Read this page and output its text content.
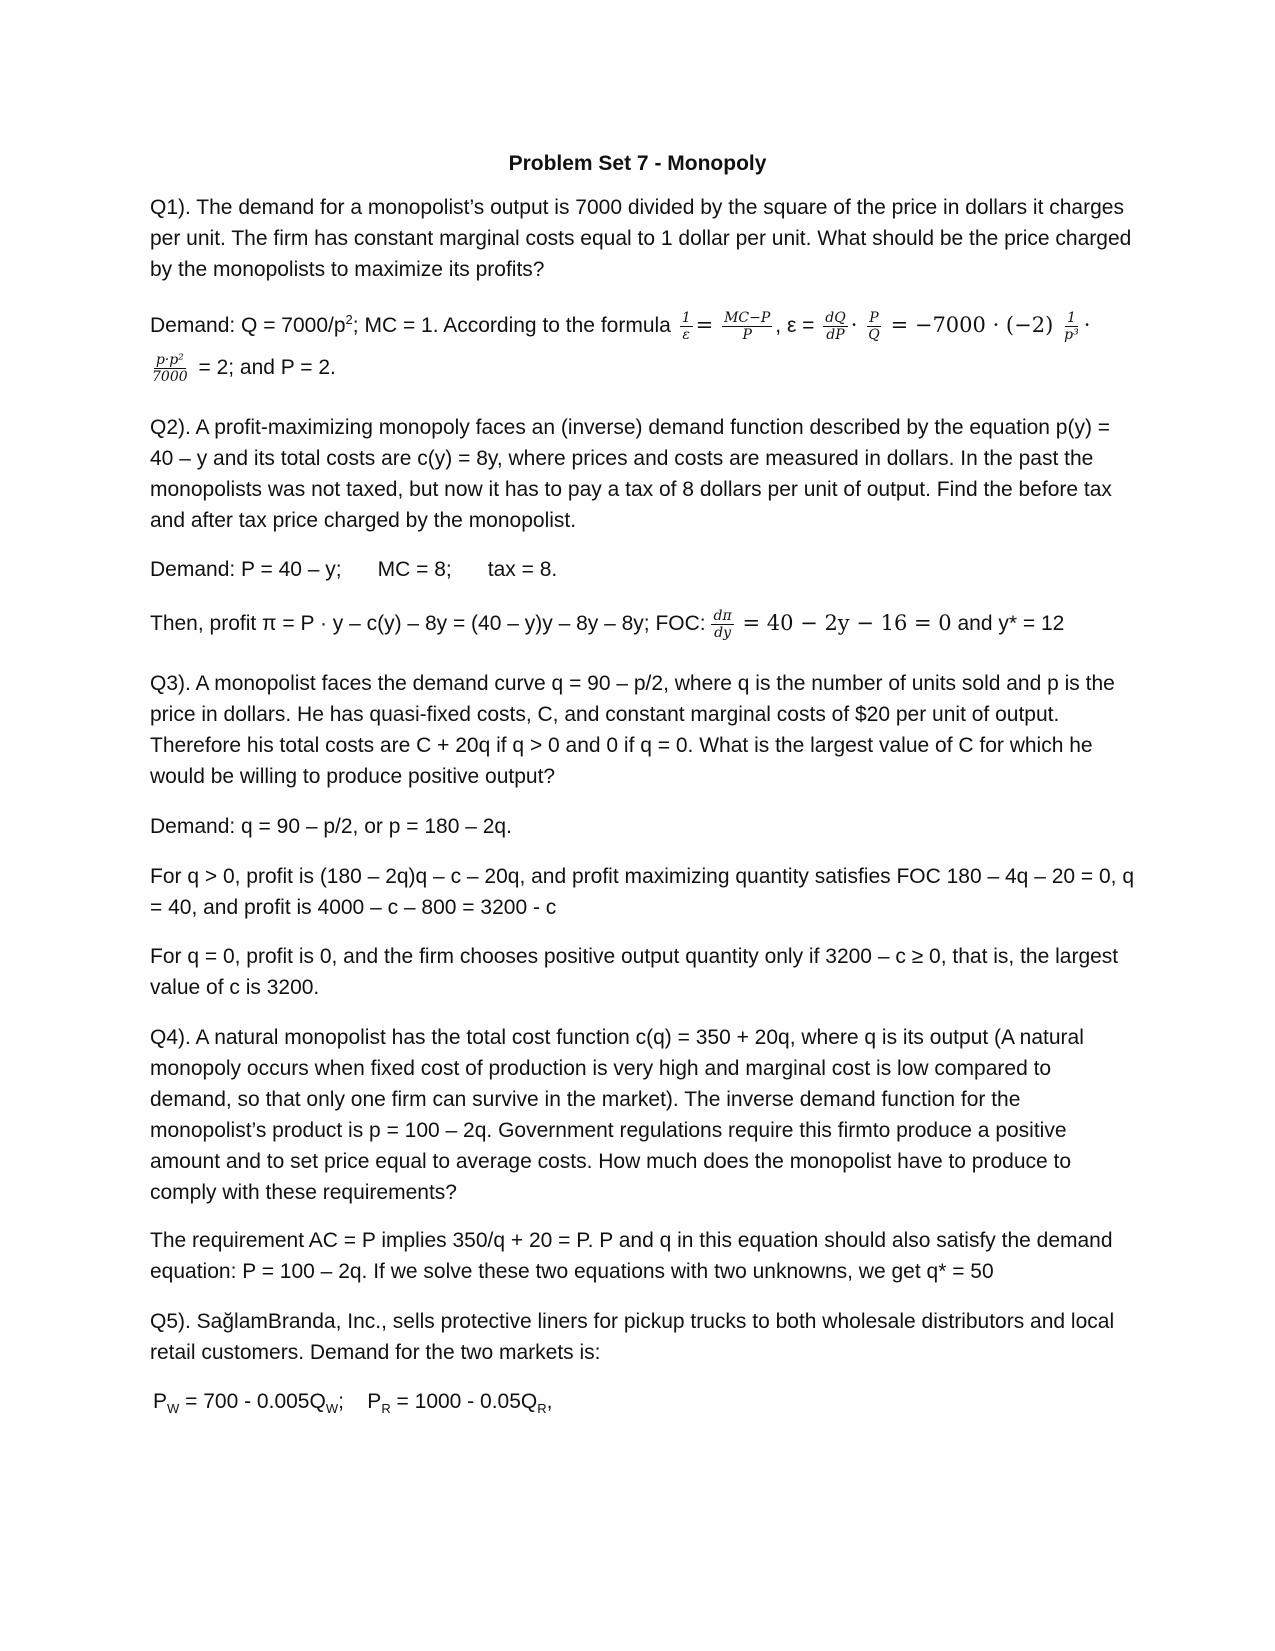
Problem Set 7 - Monopoly

Q1). The demand for a monopolist’s output is 7000 divided by the square of the price in dollars it charges per unit. The firm has constant marginal costs equal to 1 dollar per unit. What should be the price charged by the monopolists to maximize its profits?

Demand: $Q = 7000/p^2$; MC = 1. According to the formula $\frac{1}{\varepsilon} = \frac{MC-P}{P}$ , $\varepsilon = \frac{dQ}{dP} \cdot \frac{P}{Q} = -7000 \cdot (-2) \frac{1}{\text{p³}}$ ·
$\frac{\text{p·p²}}{7000} = 2$; and P = 2.

Q2). A profit-maximizing monopoly faces an (inverse) demand function described by the equation p(y) = 40 – y and its total costs are c(y) = 8y, where prices and costs are measured in dollars. In the past the monopolists was not taxed, but now it has to pay a tax of 8 dollars per unit of output. Find the before tax and after tax price charged by the monopolist.

Demand: P = 40 – y; MC = 8; tax = 8.
Then, profit π = P · y – c(y) – 8y = (40 – y)y – 8y – 8y; FOC: $\frac{d\pi}{dy} = 40 - 2y - 16 = 0$ and y* = 12

Q3). A monopolist faces the demand curve q = 90 – p/2, where q is the number of units sold and p is the price in dollars. He has quasi-fixed costs, C, and constant marginal costs of $20 per unit of output. Therefore his total costs are C + 20q if q > 0 and 0 if q = 0. What is the largest value of C for which he would be willing to produce positive output?

Demand: q = 90 – p/2, or p = 180 – 2q.

For q > 0, profit is (180 – 2q)q – c – 20q, and profit maximizing quantity satisfies FOC 180 – 4q – 20 = 0, q = 40, and profit is 4000 – c – 800 = 3200 - c

For q = 0, profit is 0, and the firm chooses positive output quantity only if 3200 – c ≥ 0, that is, the largest value of c is 3200.

Q4). A natural monopolist has the total cost function c(q) = 350 + 20q, where q is its output (A natural monopoly occurs when fixed cost of production is very high and marginal cost is low compared to demand, so that only one firm can survive in the market). The inverse demand function for the monopolist’s product is p = 100 – 2q. Government regulations require this firmto produce a positive amount and to set price equal to average costs. How much does the monopolist have to produce to comply with these requirements?

The requirement AC = P implies 350/q + 20 = P. P and q in this equation should also satisfy the demand equation: P = 100 – 2q. If we solve these two equations with two unknowns, we get q* = 50

Q5). SağlamBranda, Inc., sells protective liners for pickup trucks to both wholesale distributors and local retail customers. Demand for the two markets is:

$P_W = 700 - 0.005Q_W$;    $P_R = 1000 - 0.05Q_R$,
